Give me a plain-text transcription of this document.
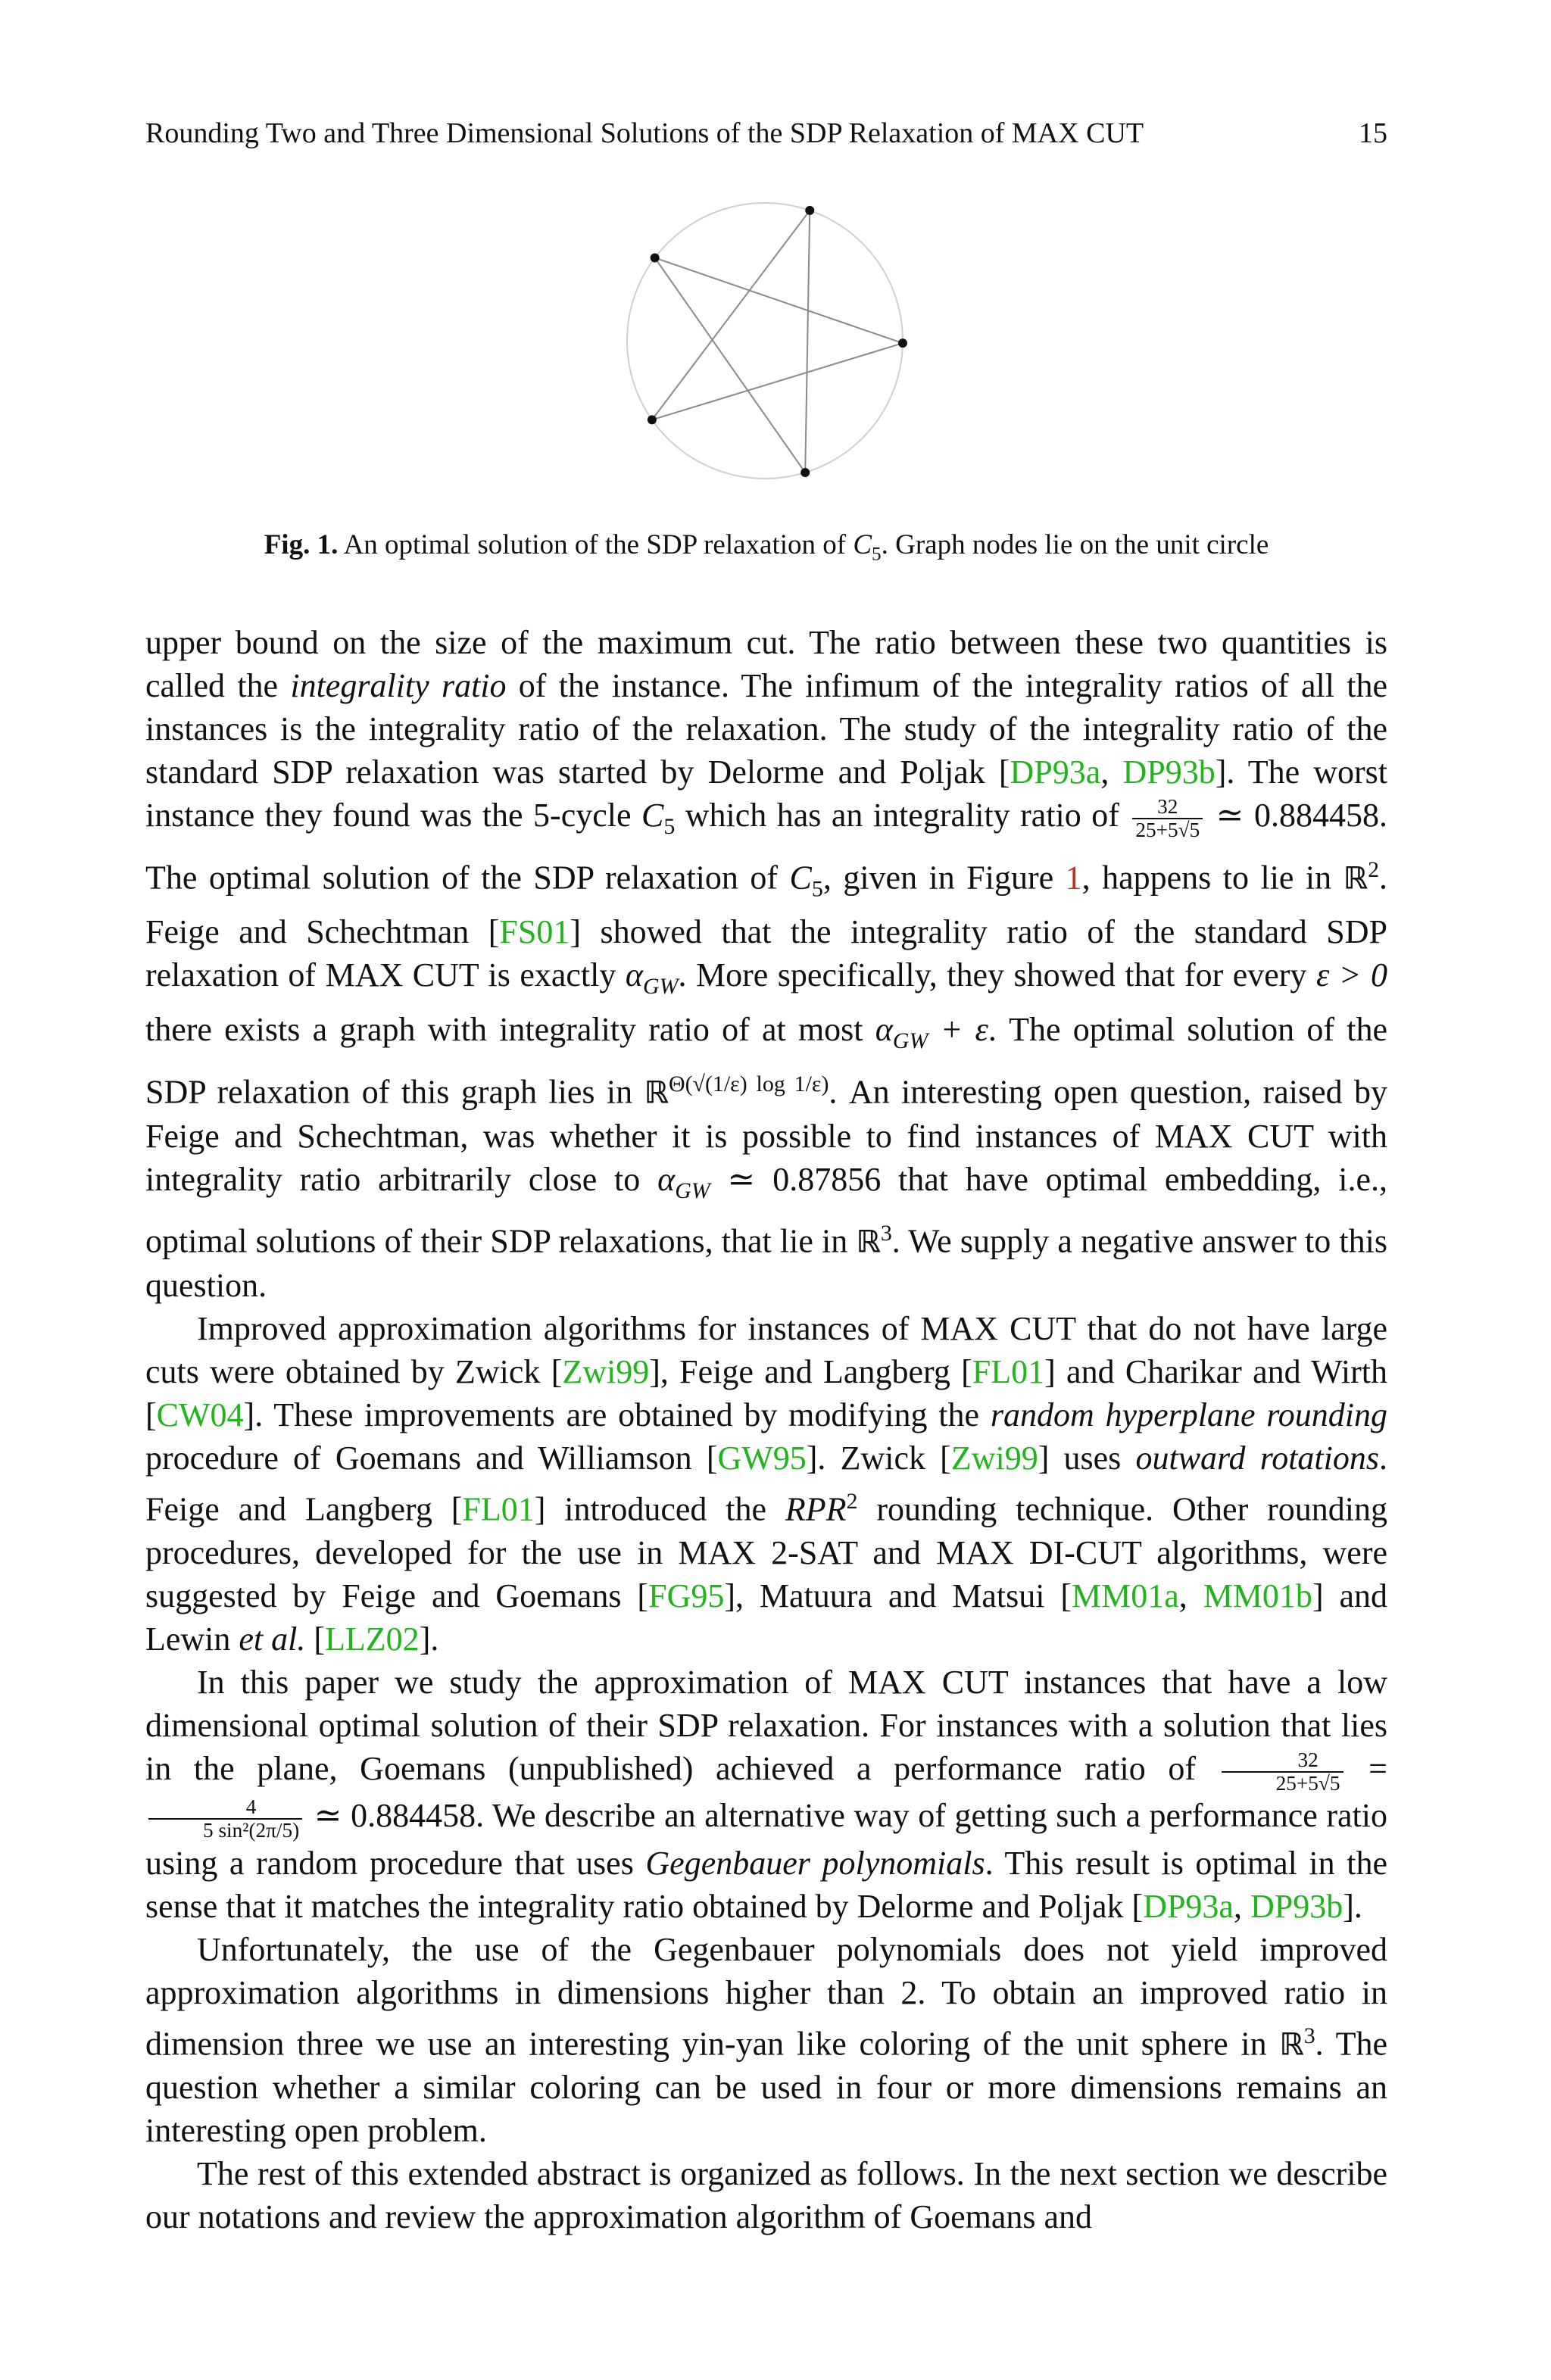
Rounding Two and Three Dimensional Solutions of the SDP Relaxation of MAX CUT	15
Fig. 1. An optimal solution of the SDP relaxation of $C_5$. Graph nodes lie on the unit circle

upper bound on the size of the maximum cut. The ratio between these two quantities is called the integrality ratio of the instance. The infimum of the integrality ratios of all the instances is the integrality ratio of the relaxation. The study of the integrality ratio of the standard SDP relaxation was started by Delorme and Poljak [DP93a, DP93b]. The worst instance they found was the 5-cycle $C_5$ which has an integrality ratio of $\frac{32}{25+5√5}$ ≃ 0.884458. The optimal solution of the SDP relaxation of $C_5$, given in Figure 1, happens to lie in ℝ$^2$. Feige and Schechtman [FS01] showed that the integrality ratio of the standard SDP relaxation of MAX CUT is exactly $\alpha_{GW}$. More specifically, they showed that for every ε > 0 there exists a graph with integrality ratio of at most $\alpha_{GW} + \varepsilon$. The optimal solution of the SDP relaxation of this graph lies in ℝ$^{\Theta(√(1/\varepsilon) log 1/\varepsilon)}$. An interesting open question, raised by Feige and Schechtman, was whether it is possible to find instances of MAX CUT with integrality ratio arbitrarily close to $\alpha_{GW}$ ≃ 0.87856 that have optimal embedding, i.e., optimal solutions of their SDP relaxations, that lie in ℝ$^3$. We supply a negative answer to this question.

Improved approximation algorithms for instances of MAX CUT that do not have large cuts were obtained by Zwick [Zwi99], Feige and Langberg [FL01] and Charikar and Wirth [CW04]. These improvements are obtained by modifying the random hyperplane rounding procedure of Goemans and Williamson [GW95]. Zwick [Zwi99] uses outward rotations. Feige and Langberg [FL01] introduced the RPR$^2$ rounding technique. Other rounding procedures, developed for the use in MAX 2-SAT and MAX DI-CUT algorithms, were suggested by Feige and Goemans [FG95], Matuura and Matsui [MM01a, MM01b] and Lewin et al. [LLZ02].

In this paper we study the approximation of MAX CUT instances that have a low dimensional optimal solution of their SDP relaxation. For instances with a solution that lies in the plane, Goemans (unpublished) achieved a performance ratio of $\frac{32}{25+5√5}$ =
$\frac{4}{\text{5 sin²(2π/5)}}$ ≃ 0.884458. We describe an alternative way of getting such a performance ratio using a random procedure that uses Gegenbauer polynomials. This result is optimal in the sense that it matches the integrality ratio obtained by Delorme and Poljak [DP93a, DP93b].

Unfortunately, the use of the Gegenbauer polynomials does not yield improved approximation algorithms in dimensions higher than 2. To obtain an improved ratio in dimension three we use an interesting yin-yan like coloring of the unit sphere in ℝ$^3$. The question whether a similar coloring can be used in four or more dimensions remains an interesting open problem.

The rest of this extended abstract is organized as follows. In the next section we describe our notations and review the approximation algorithm of Goemans and
